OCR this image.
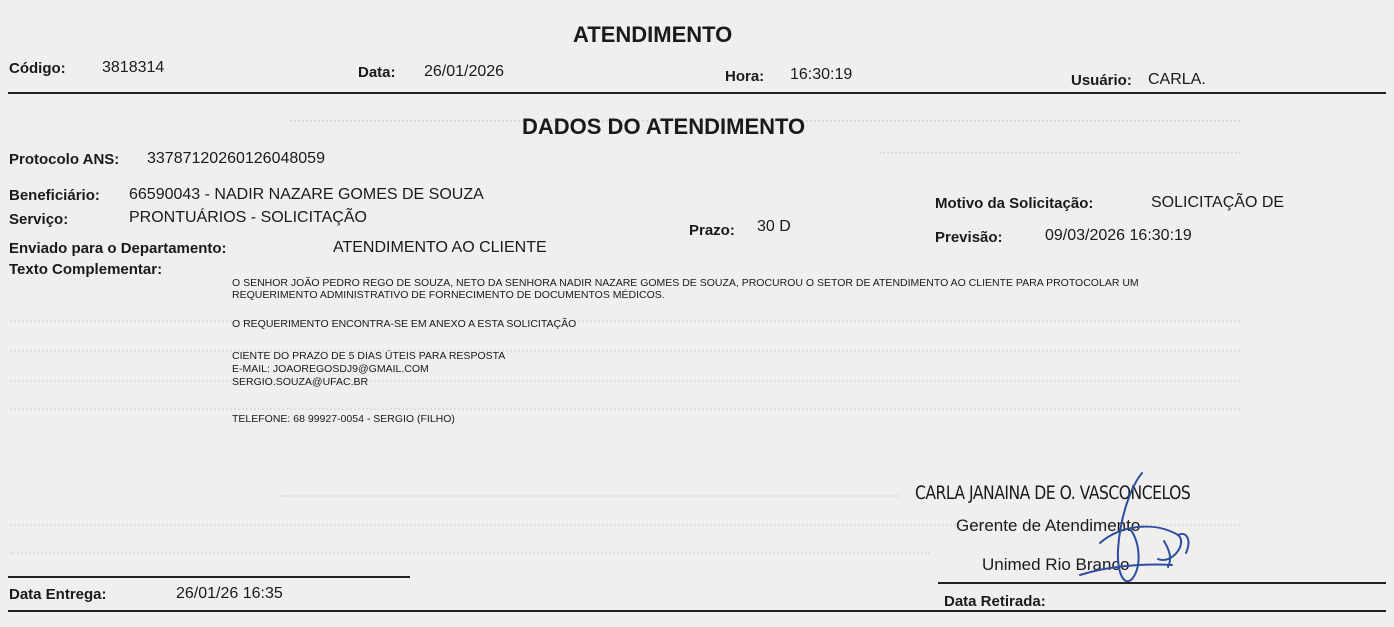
ATENDIMENTO
Código: 3818314	Data: 26/01/2026	Hora: 16:30:19	Usuário: CARLA.
DADOS DO ATENDIMENTO
Protocolo ANS: 33787120260126048059
Beneficiário: 66590043 - NADIR NAZARE GOMES DE SOUZA
Serviço:	PRONTUÁRIOS - SOLICITAÇÃO
Prazo: 30 D
Motivo da Solicitação:	SOLICITAÇÃO DE
Previsão:	09/03/2026 16:30:19
Enviado para o Departamento:	ATENDIMENTO AO CLIENTE
Texto Complementar:
O SENHOR JOÃO PEDRO REGO DE SOUZA, NETO DA SENHORA NADIR NAZARE GOMES DE SOUZA, PROCUROU O SETOR DE ATENDIMENTO AO CLIENTE PARA PROTOCOLAR UM
REQUERIMENTO ADMINISTRATIVO DE FORNECIMENTO DE DOCUMENTOS MÉDICOS.
O REQUERIMENTO ENCONTRA-SE EM ANEXO A ESTA SOLICITAÇÃO
CIENTE DO PRAZO DE 5 DIAS ÚTEIS PARA RESPOSTA
E-MAIL: JOAOREGOSDJ9@GMAIL.COM
SERGIO.SOUZA@UFAC.BR
TELEFONE: 68 99927-0054 - SERGIO (FILHO)
CARLA JANAINA DE O. VASCONCELOS
Gerente de Atendimento
Unimed Rio Branco
Data Entrega:	26/01/26 16:35	Data Retirada:
